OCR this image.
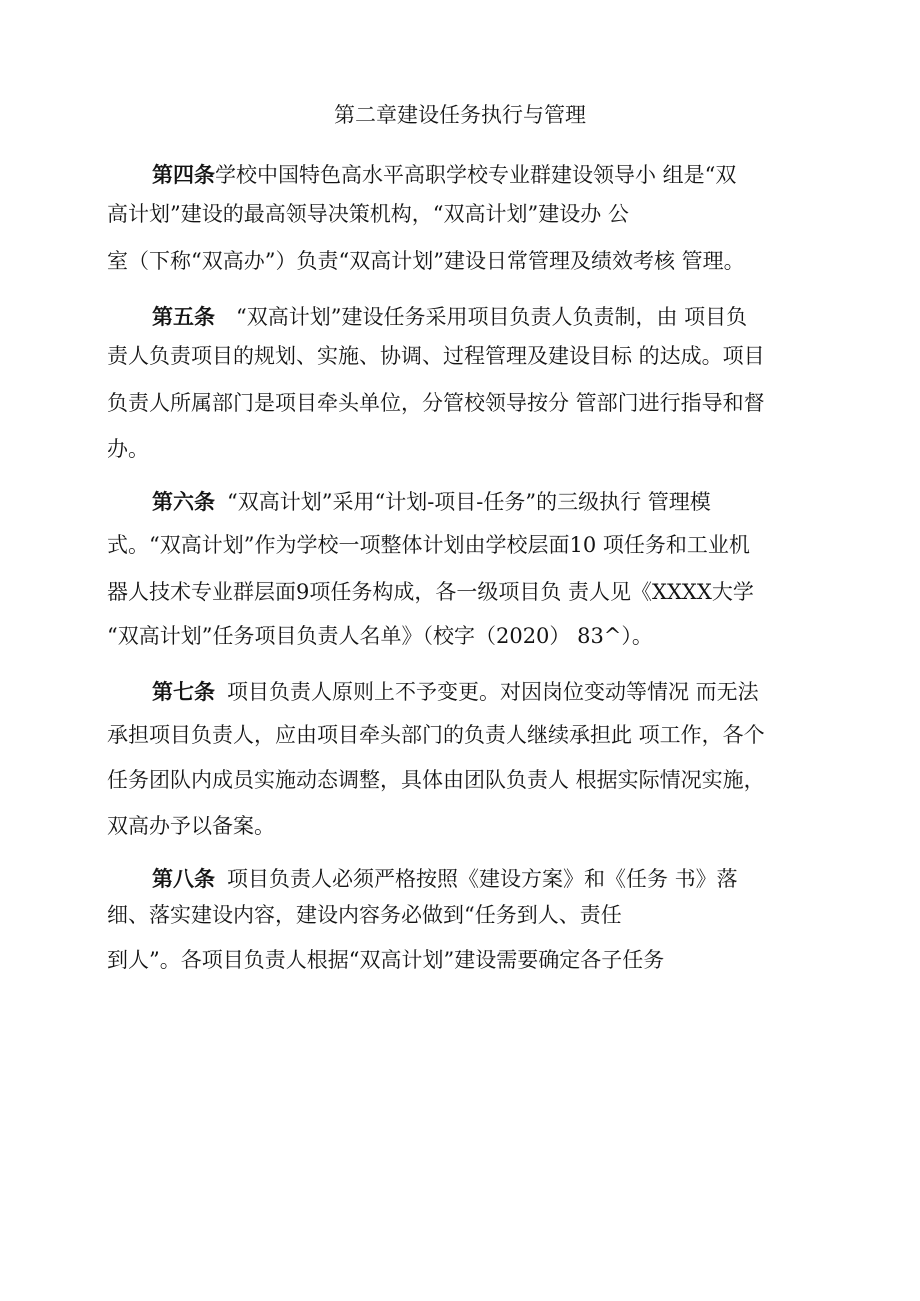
第二章建设任务执行与管理
第四条学校中国特色高水平高职学校专业群建设领导小 组是“双
高计划”建设的最高领导决策机构，“双高计划”建设办 公
室（下称“双高办”）负责“双高计划”建设日常管理及绩效考核 管理。
第五条 “双高计划”建设任务采用项目负责人负责制，由 项目负
责人负责项目的规划、实施、协调、过程管理及建设目标 的达成。项目
负责人所属部门是项目牵头单位，分管校领导按分 管部门进行指导和督
办。
第六条 “双高计划”采用“计划-项目-任务”的三级执行 管理模
式。“双高计划”作为学校一项整体计划由学校层面10 项任务和工业机
器人技术专业群层面9项任务构成，各一级项目负 责人见《XXXX大学
“双高计划”任务项目负责人名单》（校字（2020） 83^）。
第七条 项目负责人原则上不予变更。对因岗位变动等情况 而无法
承担项目负责人，应由项目牵头部门的负责人继续承担此 项工作，各个
任务团队内成员实施动态调整，具体由团队负责人 根据实际情况实施，
双高办予以备案。
第八条 项目负责人必须严格按照《建设方案》和《任务 书》落
细、落实建设内容，建设内容务必做到“任务到人、责任
到人”。各项目负责人根据“双高计划”建设需要确定各子任务
